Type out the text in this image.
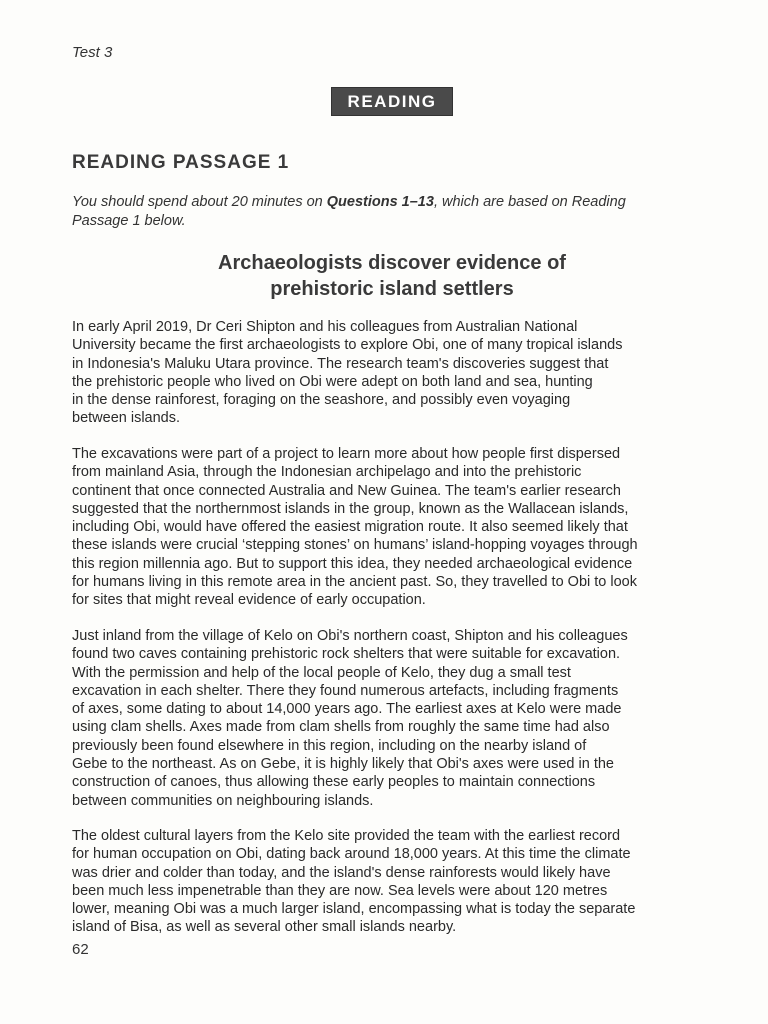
Test 3
READING
READING PASSAGE 1
You should spend about 20 minutes on Questions 1–13, which are based on Reading
Passage 1 below.
Archaeologists discover evidence of
prehistoric island settlers
In early April 2019, Dr Ceri Shipton and his colleagues from Australian National
University became the first archaeologists to explore Obi, one of many tropical islands
in Indonesia's Maluku Utara province. The research team's discoveries suggest that
the prehistoric people who lived on Obi were adept on both land and sea, hunting
in the dense rainforest, foraging on the seashore, and possibly even voyaging
between islands.
The excavations were part of a project to learn more about how people first dispersed
from mainland Asia, through the Indonesian archipelago and into the prehistoric
continent that once connected Australia and New Guinea. The team's earlier research
suggested that the northernmost islands in the group, known as the Wallacean islands,
including Obi, would have offered the easiest migration route. It also seemed likely that
these islands were crucial ‘stepping stones’ on humans’ island-hopping voyages through
this region millennia ago. But to support this idea, they needed archaeological evidence
for humans living in this remote area in the ancient past. So, they travelled to Obi to look
for sites that might reveal evidence of early occupation.
Just inland from the village of Kelo on Obi's northern coast, Shipton and his colleagues
found two caves containing prehistoric rock shelters that were suitable for excavation.
With the permission and help of the local people of Kelo, they dug a small test
excavation in each shelter. There they found numerous artefacts, including fragments
of axes, some dating to about 14,000 years ago. The earliest axes at Kelo were made
using clam shells. Axes made from clam shells from roughly the same time had also
previously been found elsewhere in this region, including on the nearby island of
Gebe to the northeast. As on Gebe, it is highly likely that Obi's axes were used in the
construction of canoes, thus allowing these early peoples to maintain connections
between communities on neighbouring islands.
The oldest cultural layers from the Kelo site provided the team with the earliest record
for human occupation on Obi, dating back around 18,000 years. At this time the climate
was drier and colder than today, and the island's dense rainforests would likely have
been much less impenetrable than they are now. Sea levels were about 120 metres
lower, meaning Obi was a much larger island, encompassing what is today the separate
island of Bisa, as well as several other small islands nearby.
62
